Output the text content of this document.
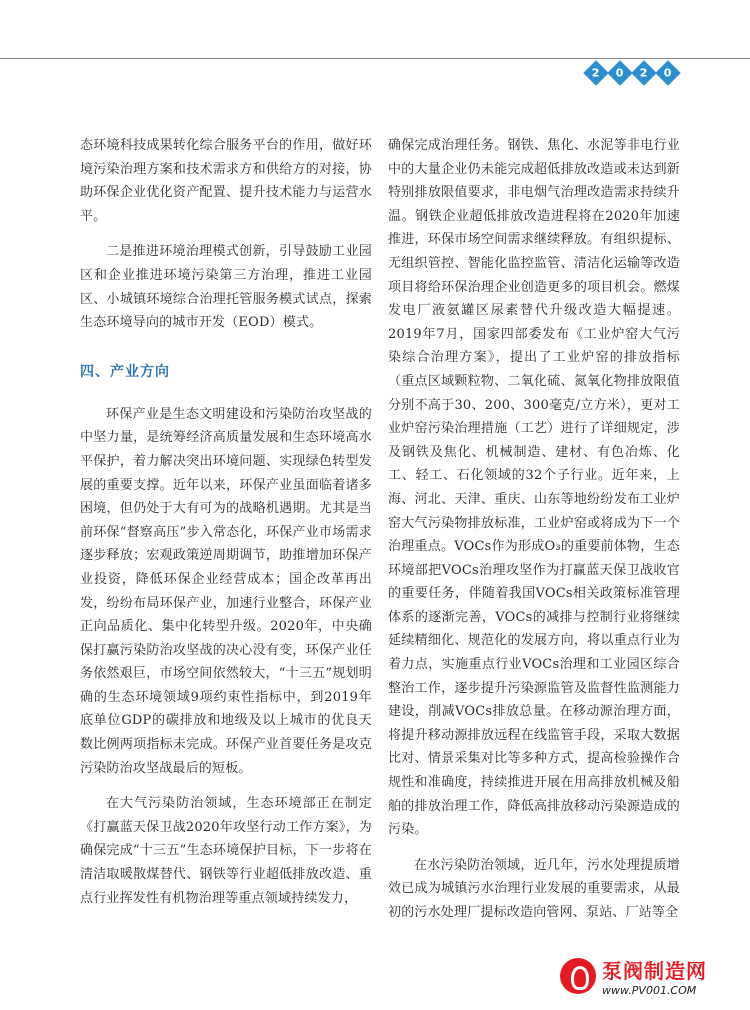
2 0 2 0

态环境科技成果转化综合服务平台的作用，做好环境污染治理方案和技术需求方和供给方的对接，协助环保企业优化资产配置、提升技术能力与运营水平。

二是推进环境治理模式创新，引导鼓励工业园区和企业推进环境污染第三方治理，推进工业园区、小城镇环境综合治理托管服务模式试点，探索生态环境导向的城市开发（EOD）模式。

四、产业方向

环保产业是生态文明建设和污染防治攻坚战的中坚力量，是统筹经济高质量发展和生态环境高水平保护，着力解决突出环境问题、实现绿色转型发展的重要支撑。近年以来，环保产业虽面临着诸多困境，但仍处于大有可为的战略机遇期。尤其是当前环保“督察高压”步入常态化，环保产业市场需求逐步释放；宏观政策逆周期调节，助推增加环保产业投资，降低环保企业经营成本；国企改革再出发，纷纷布局环保产业，加速行业整合，环保产业正向品质化、集中化转型升级。2020年，中央确保打赢污染防治攻坚战的决心没有变，环保产业任务依然艰巨，市场空间依然较大，“十三五”规划明确的生态环境领域9项约束性指标中，到2019年底单位GDP的碳排放和地级及以上城市的优良天数比例两项指标未完成。环保产业首要任务是攻克污染防治攻坚战最后的短板。

在大气污染防治领域，生态环境部正在制定《打赢蓝天保卫战2020年攻坚行动工作方案》，为确保完成“十三五”生态环境保护目标，下一步将在清洁取暖散煤替代、钢铁等行业超低排放改造、重点行业挥发性有机物治理等重点领域持续发力，

确保完成治理任务。钢铁、焦化、水泥等非电行业中的大量企业仍未能完成超低排放改造或未达到新特别排放限值要求，非电烟气治理改造需求持续升温。钢铁企业超低排放改造进程将在2020年加速推进，环保市场空间需求继续释放。有组织提标、无组织管控、智能化监控监管、清洁化运输等改造项目将给环保治理企业创造更多的项目机会。燃煤发电厂液氨罐区尿素替代升级改造大幅提速。2019年7月，国家四部委发布《工业炉窑大气污染综合治理方案》，提出了工业炉窑的排放指标（重点区域颗粒物、二氧化硫、氮氧化物排放限值分别不高于30、200、300毫克/立方米），更对工业炉窑污染治理措施（工艺）进行了详细规定，涉及钢铁及焦化、机械制造、建材、有色冶炼、化工、轻工、石化领域的32个子行业。近年来，上海、河北、天津、重庆、山东等地纷纷发布工业炉窑大气污染物排放标准，工业炉窑或将成为下一个治理重点。VOCs作为形成O₃的重要前体物，生态环境部把VOCs治理攻坚作为打赢蓝天保卫战收官的重要任务，伴随着我国VOCs相关政策标准管理体系的逐渐完善，VOCs的减排与控制行业将继续延续精细化、规范化的发展方向，将以重点行业为着力点，实施重点行业VOCs治理和工业园区综合整治工作，逐步提升污染源监管及监督性监测能力建设，削减VOCs排放总量。在移动源治理方面，将提升移动源排放远程在线监管手段，采取大数据比对、情景采集对比等多种方式，提高检验操作合规性和准确度，持续推进开展在用高排放机械及船舶的排放治理工作，降低高排放移动污染源造成的污染。

在水污染防治领域，近几年，污水处理提质增效已成为城镇污水治理行业发展的重要需求，从最初的污水处理厂提标改造向管网、泵站、厂站等全

泵阀制造网
www.PV001.COM
